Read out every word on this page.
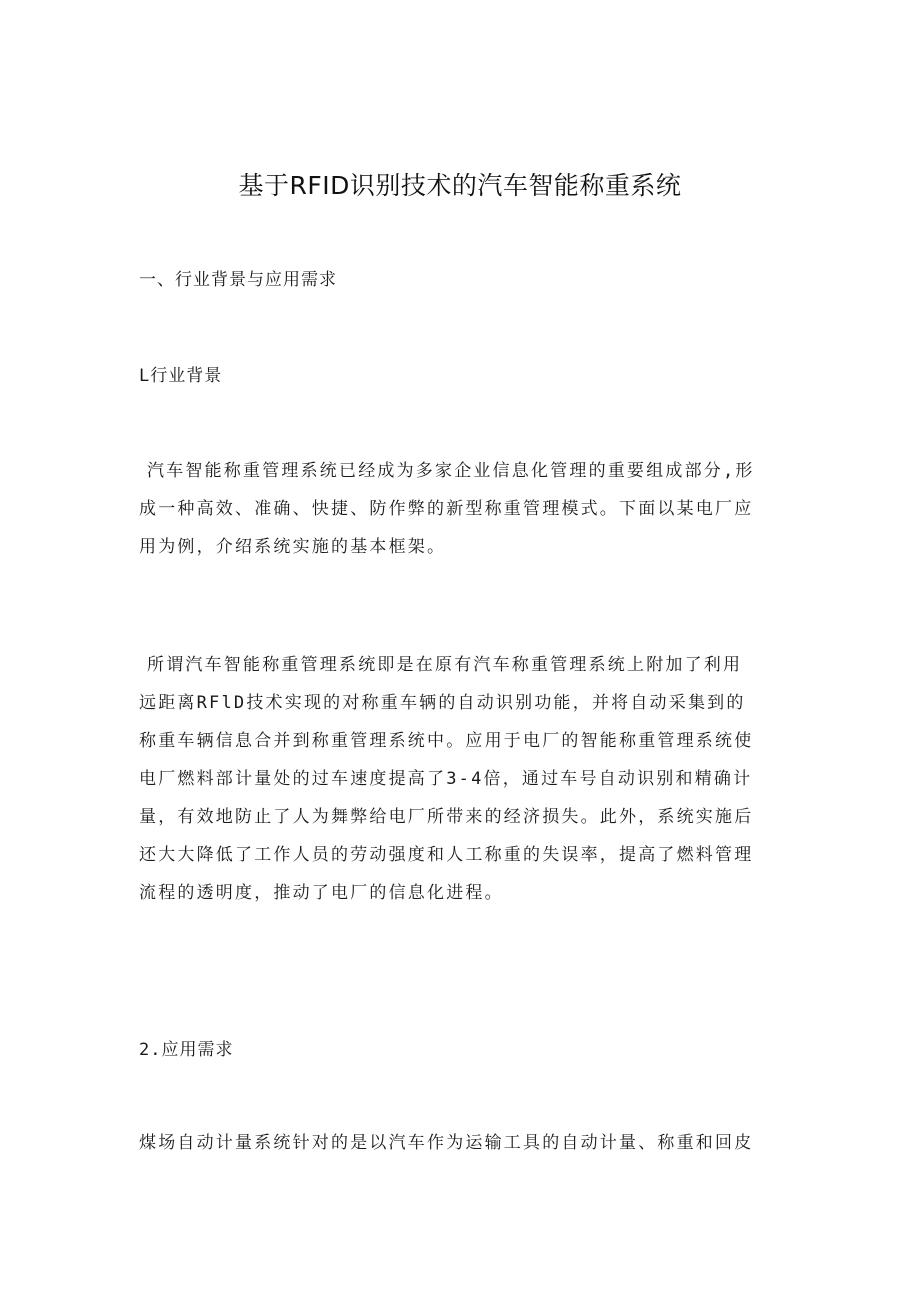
基于RFID识别技术的汽车智能称重系统
一、行业背景与应用需求
L行业背景
汽车智能称重管理系统已经成为多家企业信息化管理的重要组成部分,形
成一种高效、准确、快捷、防作弊的新型称重管理模式。下面以某电厂应
用为例，介绍系统实施的基本框架。
所谓汽车智能称重管理系统即是在原有汽车称重管理系统上附加了利用
远距离RFlD技术实现的对称重车辆的自动识别功能，并将自动采集到的
称重车辆信息合并到称重管理系统中。应用于电厂的智能称重管理系统使
电厂燃料部计量处的过车速度提高了3-4倍，通过车号自动识别和精确计
量，有效地防止了人为舞弊给电厂所带来的经济损失。此外，系统实施后
还大大降低了工作人员的劳动强度和人工称重的失误率，提高了燃料管理
流程的透明度，推动了电厂的信息化进程。
2.应用需求
煤场自动计量系统针对的是以汽车作为运输工具的自动计量、称重和回皮
